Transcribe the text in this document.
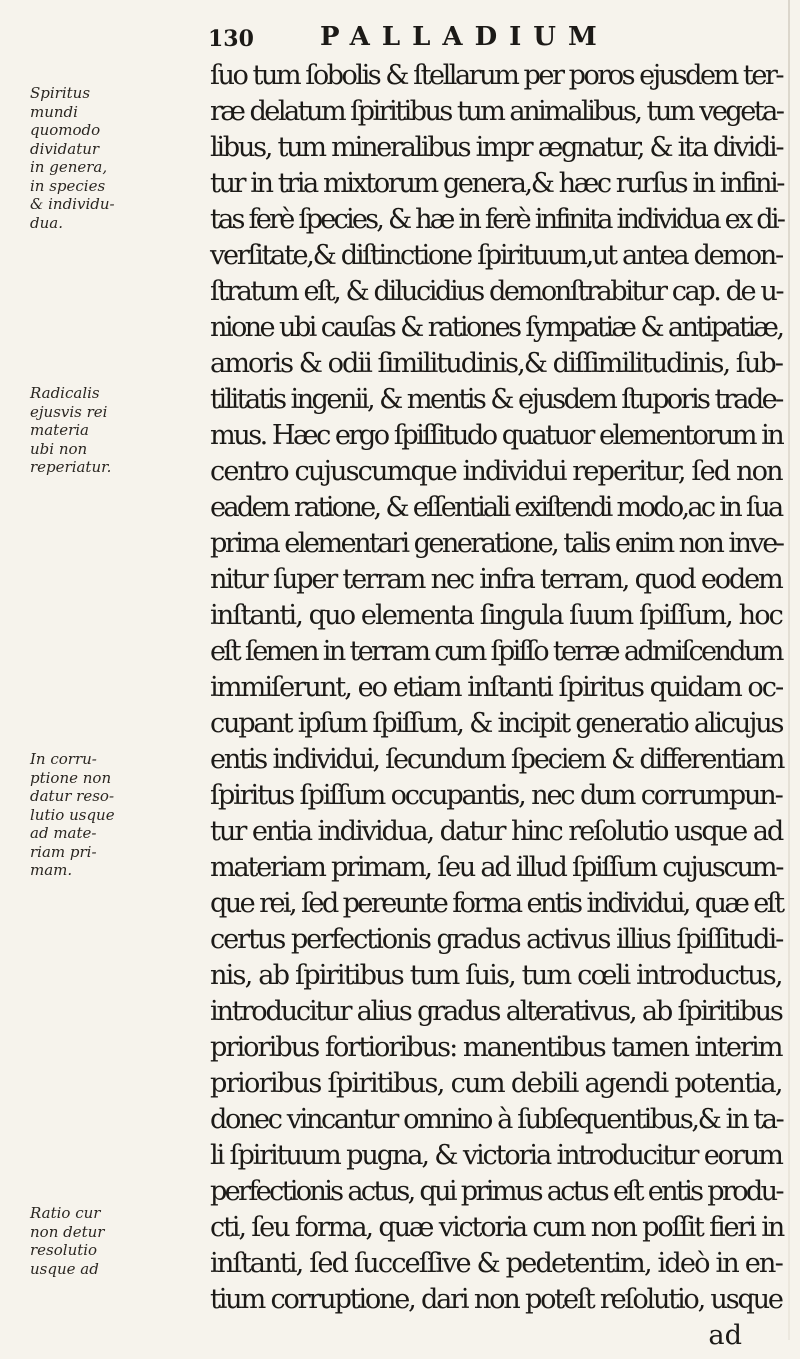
130	PALLADIUM
Spiritus
mundi
quomodo
dividatur
in genera,
in species
& individu-
dua.
Radicalis
ejusvis rei
materia
ubi non
reperiatur.
In corru-
ptione non
datur reso-
lutio usque
ad mate-
riam pri-
mam.
Ratio cur
non detur
resolutio
usque ad
ſuo tum ſobolis & ſtellarum per poros ejusdem ter-
ræ delatum ſpiritibus tum animalibus, tum vegeta-
libus, tum mineralibus impr ægnatur, & ita dividi-
tur in tria mixtorum genera,& hæc rurſus in infini-
tas ferè ſpecies, & hæ in ferè infinita individua ex di-
verſitate,& diſtinctione ſpirituum,ut antea demon-
ſtratum eſt, & dilucidius demonſtrabitur cap. de u-
nione ubi cauſas & rationes ſympatiæ & antipatiæ,
amoris & odii ſimilitudinis,& diſſimilitudinis, ſub-
tilitatis ingenii, & mentis & ejusdem ſtuporis trade-
mus. Hæc ergo ſpiſſitudo quatuor elementorum in
centro cujuscumque individui reperitur, ſed non
eadem ratione, & eſſentiali exiſtendi modo,ac in ſua
prima elementari generatione, talis enim non inve-
nitur ſuper terram nec infra terram, quod eodem
inſtanti, quo elementa ſingula ſuum ſpiſſum, hoc
eſt ſemen in terram cum ſpiſſo terræ admiſcendum
immiſerunt, eo etiam inſtanti ſpiritus quidam oc-
cupant ipſum ſpiſſum, & incipit generatio alicujus
entis individui, ſecundum ſpeciem & differentiam
ſpiritus ſpiſſum occupantis, nec dum corrumpun-
tur entia individua, datur hinc reſolutio usque ad
materiam primam, ſeu ad illud ſpiſſum cujuscum-
que rei, ſed pereunte forma entis individui, quæ eſt
certus perfectionis gradus activus illius ſpiſſitudi-
nis, ab ſpiritibus tum ſuis, tum cœli introductus,
introducitur alius gradus alterativus, ab ſpiritibus
prioribus fortioribus: manentibus tamen interim
prioribus ſpiritibus, cum debili agendi potentia,
donec vincantur omnino à ſubſequentibus,& in ta-
li ſpirituum pugna, & victoria introducitur eorum
perfectionis actus, qui primus actus eſt entis produ-
cti, ſeu forma, quæ victoria cum non poſſit fieri in
inſtanti, ſed ſucceſſive & pedetentim, ideò in en-
tium corruptione, dari non poteſt reſolutio, usque
ad
